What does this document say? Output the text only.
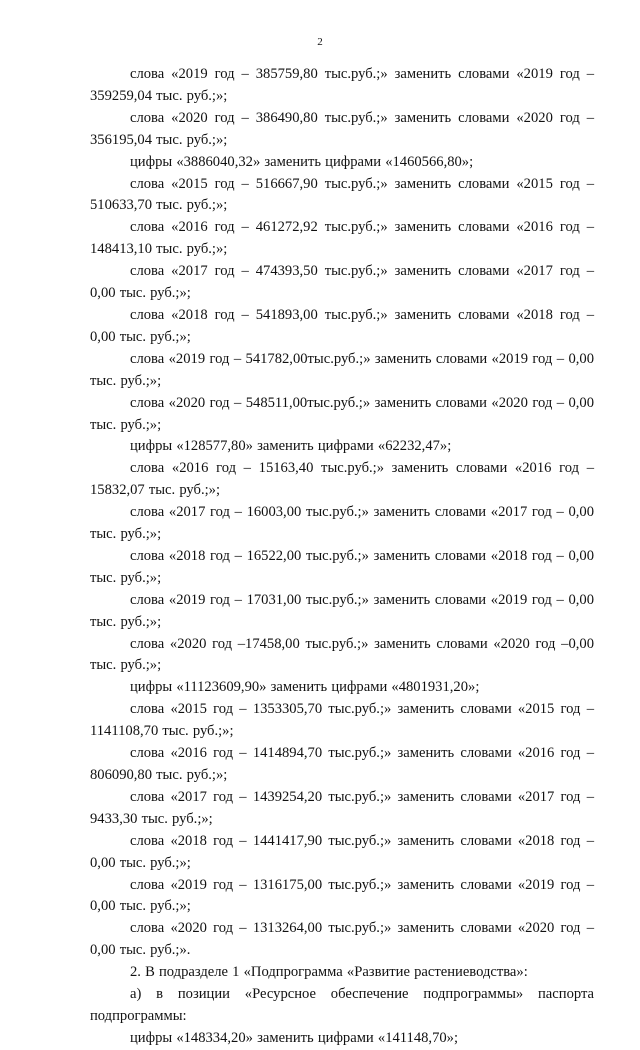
2

слова «2019 год – 385759,80 тыс.руб.;» заменить словами «2019 год – 359259,04 тыс. руб.;»;

слова «2020 год – 386490,80 тыс.руб.;» заменить словами «2020 год – 356195,04 тыс. руб.;»;

цифры «3886040,32» заменить цифрами «1460566,80»;

слова «2015 год – 516667,90 тыс.руб.;» заменить словами «2015 год – 510633,70 тыс. руб.;»;

слова «2016 год – 461272,92 тыс.руб.;» заменить словами «2016 год – 148413,10 тыс. руб.;»;

слова «2017 год – 474393,50 тыс.руб.;» заменить словами «2017 год – 0,00 тыс. руб.;»;

слова «2018 год – 541893,00 тыс.руб.;» заменить словами «2018 год – 0,00 тыс. руб.;»;

слова «2019 год – 541782,00тыс.руб.;» заменить словами «2019 год – 0,00 тыс. руб.;»;

слова «2020 год – 548511,00тыс.руб.;» заменить словами «2020 год – 0,00 тыс. руб.;»;

цифры «128577,80» заменить цифрами «62232,47»;

слова «2016 год – 15163,40 тыс.руб.;» заменить словами «2016 год – 15832,07 тыс. руб.;»;

слова «2017 год – 16003,00 тыс.руб.;» заменить словами «2017 год – 0,00 тыс. руб.;»;

слова «2018 год – 16522,00 тыс.руб.;» заменить словами «2018 год – 0,00 тыс. руб.;»;

слова «2019 год – 17031,00 тыс.руб.;» заменить словами «2019 год – 0,00 тыс. руб.;»;

слова «2020 год –17458,00 тыс.руб.;» заменить словами «2020 год –0,00 тыс. руб.;»;

цифры «11123609,90» заменить цифрами «4801931,20»;

слова «2015 год – 1353305,70 тыс.руб.;» заменить словами «2015 год – 1141108,70 тыс. руб.;»;

слова «2016 год – 1414894,70 тыс.руб.;» заменить словами «2016 год – 806090,80 тыс. руб.;»;

слова «2017 год – 1439254,20 тыс.руб.;» заменить словами «2017 год – 9433,30 тыс. руб.;»;

слова «2018 год – 1441417,90 тыс.руб.;» заменить словами «2018 год – 0,00 тыс. руб.;»;

слова «2019 год – 1316175,00 тыс.руб.;» заменить словами «2019 год – 0,00 тыс. руб.;»;

слова «2020 год – 1313264,00 тыс.руб.;» заменить словами «2020 год – 0,00 тыс. руб.;».

2. В подразделе 1 «Подпрограмма «Развитие растениеводства»:

а) в позиции «Ресурсное обеспечение подпрограммы» паспорта подпрограммы:

цифры «148334,20» заменить цифрами «141148,70»;
